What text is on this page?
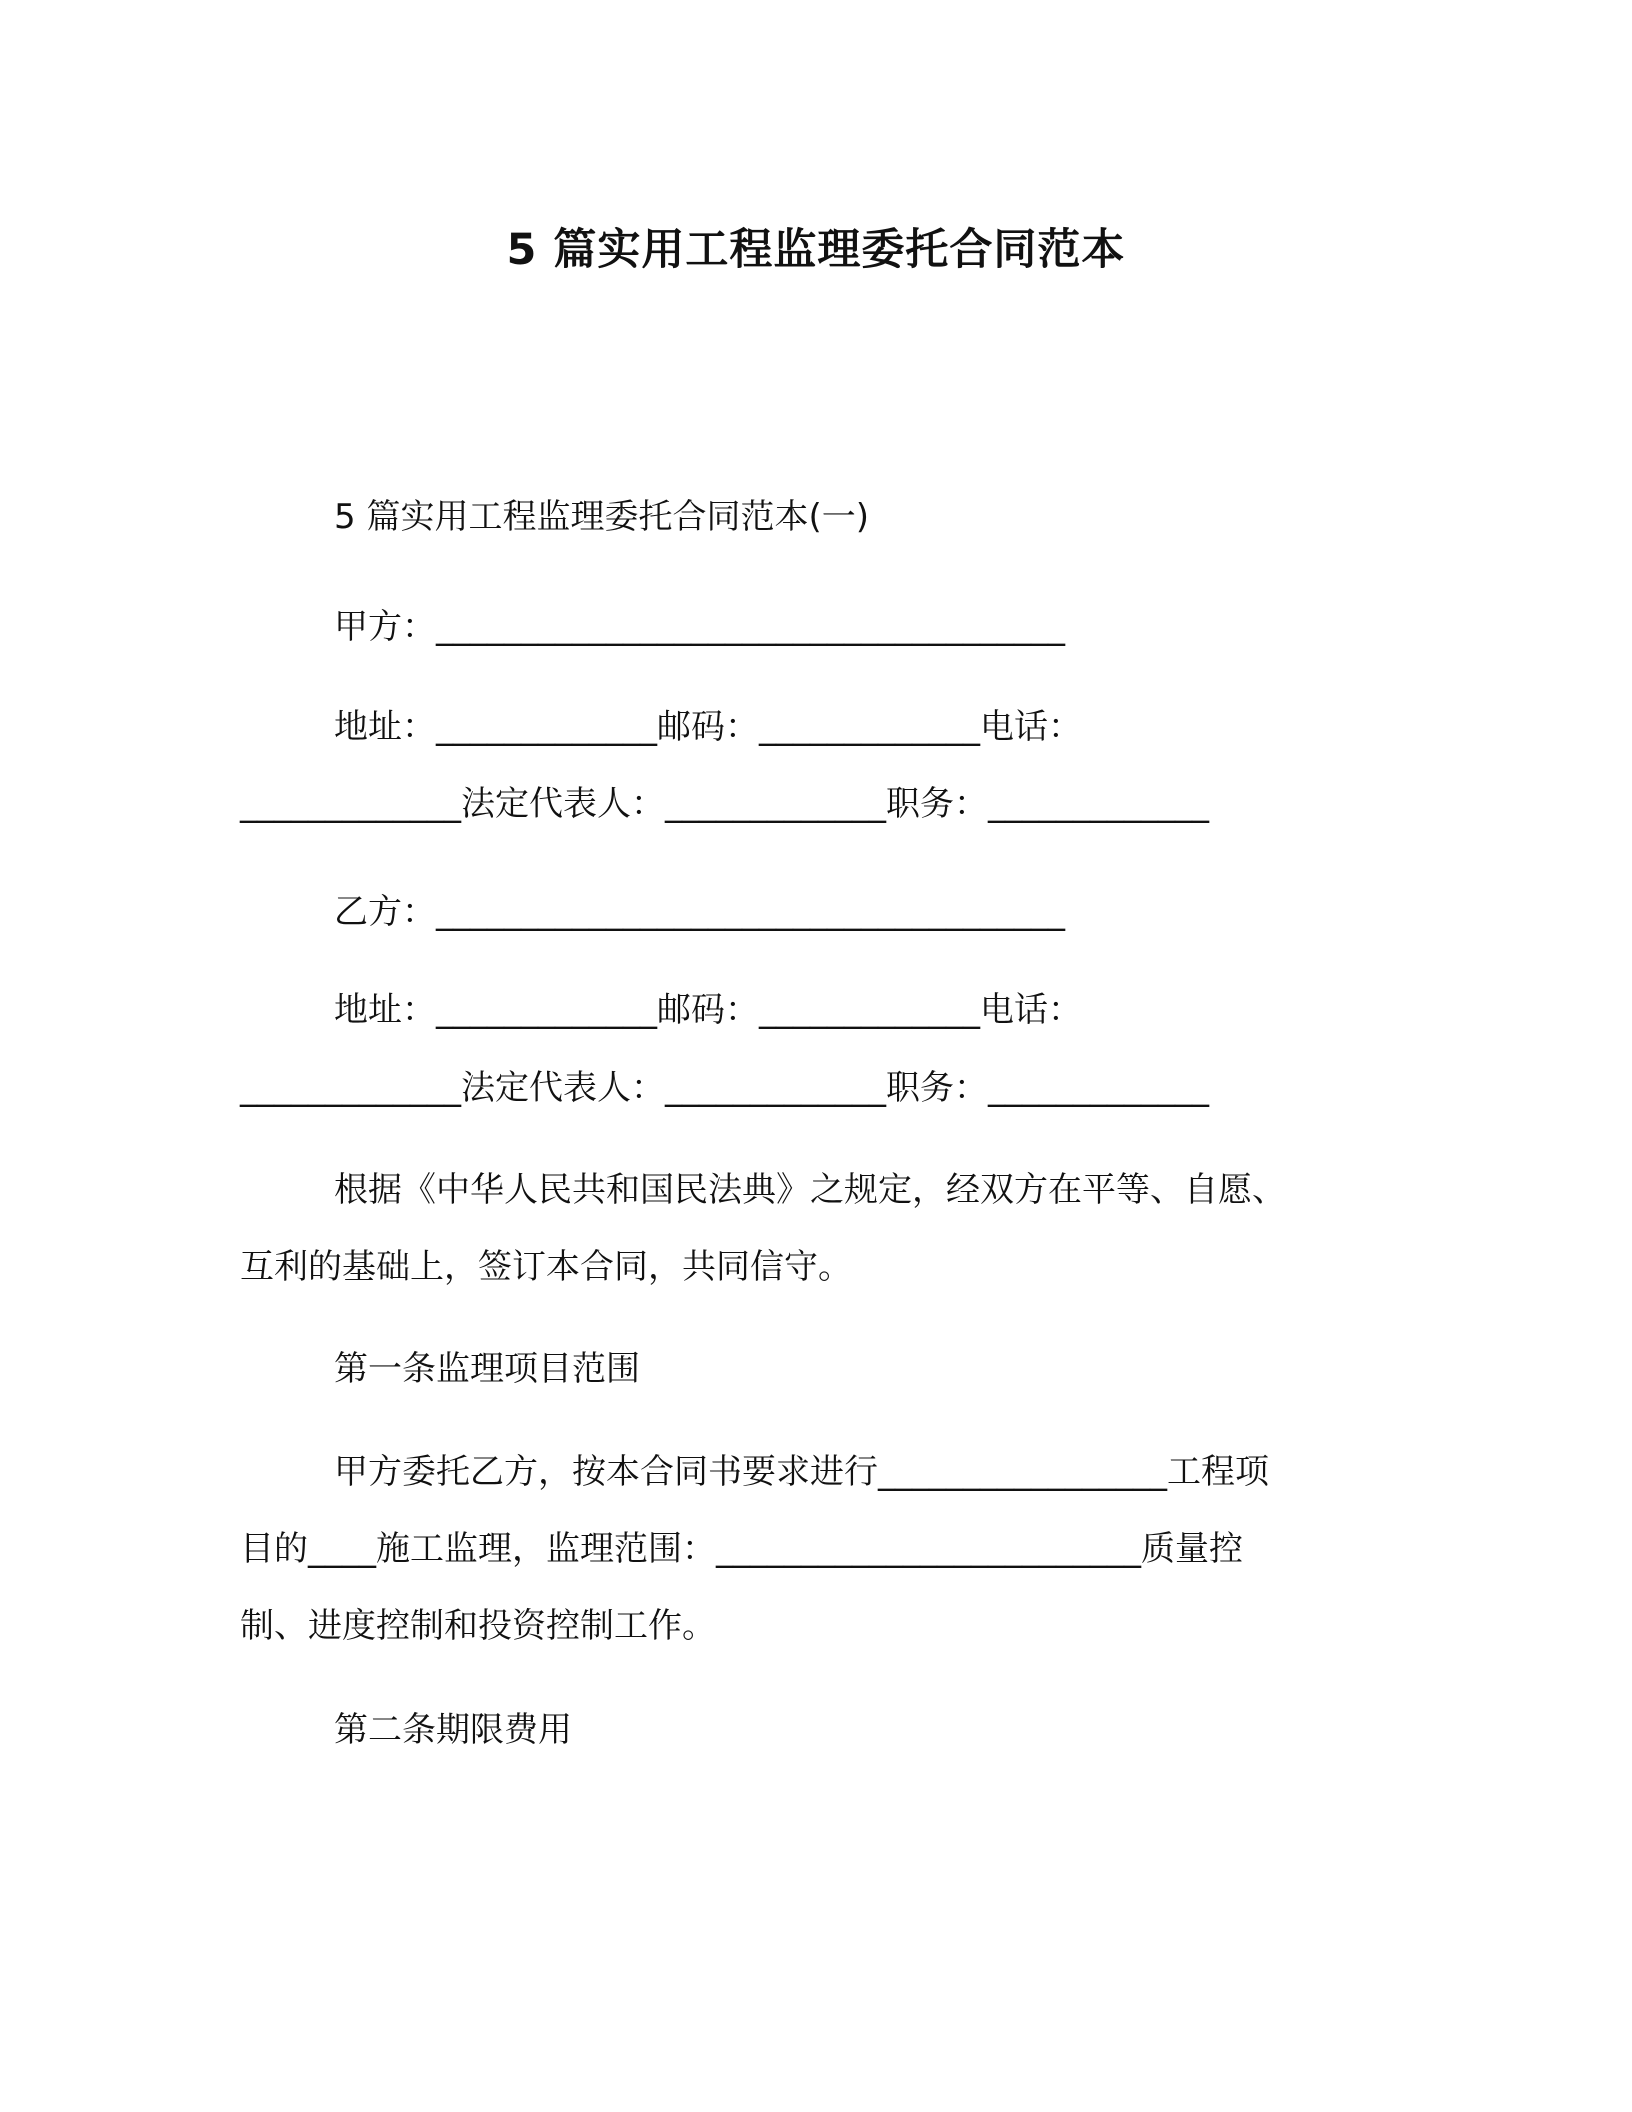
5 篇实用工程监理委托合同范本
5 篇实用工程监理委托合同范本(一)
甲方：_____________________________________
地址：_____________邮码：_____________电话：
_____________法定代表人：_____________职务：_____________
乙方：_____________________________________
地址：_____________邮码：_____________电话：
_____________法定代表人：_____________职务：_____________
根据《中华人民共和国民法典》之规定，经双方在平等、自愿、
互利的基础上，签订本合同，共同信守。
第一条监理项目范围
甲方委托乙方，按本合同书要求进行_________________工程项
目的____施工监理，监理范围：_________________________质量控
制、进度控制和投资控制工作。
第二条期限费用
